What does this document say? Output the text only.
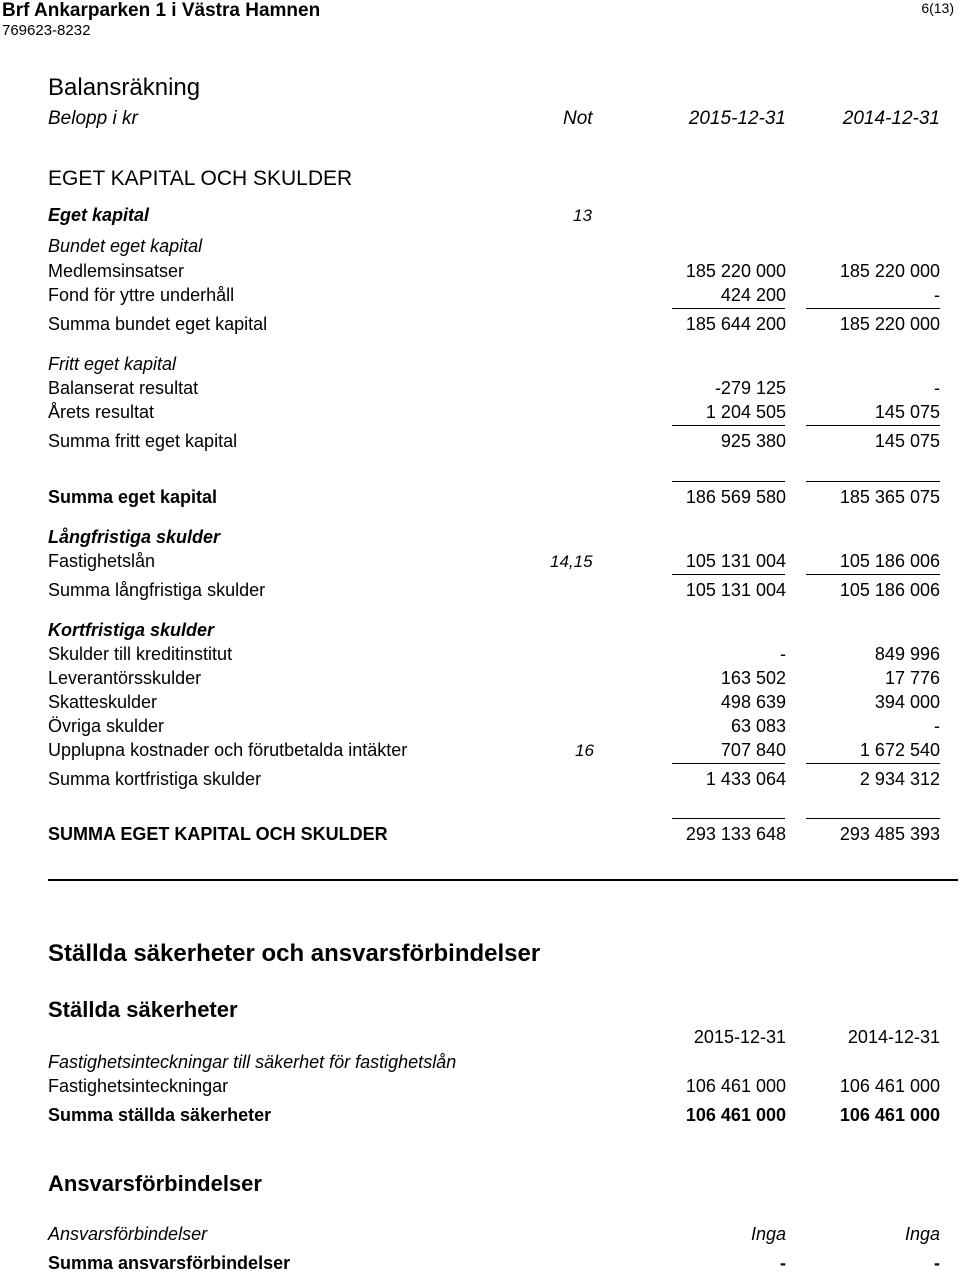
Brf Ankarparken 1 i Västra Hamnen
769623-8232
6(13)
Balansräkning
Belopp i kr	Not	2015-12-31	2014-12-31
EGET KAPITAL OCH SKULDER
Eget kapital	13
Bundet eget kapital
Medlemsinsatser	185 220 000	185 220 000
Fond för yttre underhåll	424 200	-
Summa bundet eget kapital	185 644 200	185 220 000
Fritt eget kapital
Balanserat resultat	-279 125	-
Årets resultat	1 204 505	145 075
Summa fritt eget kapital	925 380	145 075
Summa eget kapital	186 569 580	185 365 075
Långfristiga skulder
Fastighetslån	14,15	105 131 004	105 186 006
Summa långfristiga skulder	105 131 004	105 186 006
Kortfristiga skulder
Skulder till kreditinstitut	-	849 996
Leverantörsskulder	163 502	17 776
Skatteskulder	498 639	394 000
Övriga skulder	63 083	-
Upplupna kostnader och förutbetalda intäkter	16	707 840	1 672 540
Summa kortfristiga skulder	1 433 064	2 934 312
SUMMA EGET KAPITAL OCH SKULDER	293 133 648	293 485 393
Ställda säkerheter och ansvarsförbindelser
Ställda säkerheter
2015-12-31	2014-12-31
Fastighetsinteckningar till säkerhet för fastighetslån
Fastighetsinteckningar	106 461 000	106 461 000
Summa ställda säkerheter	106 461 000	106 461 000
Ansvarsförbindelser
Ansvarsförbindelser	Inga	Inga
Summa ansvarsförbindelser	-	-
